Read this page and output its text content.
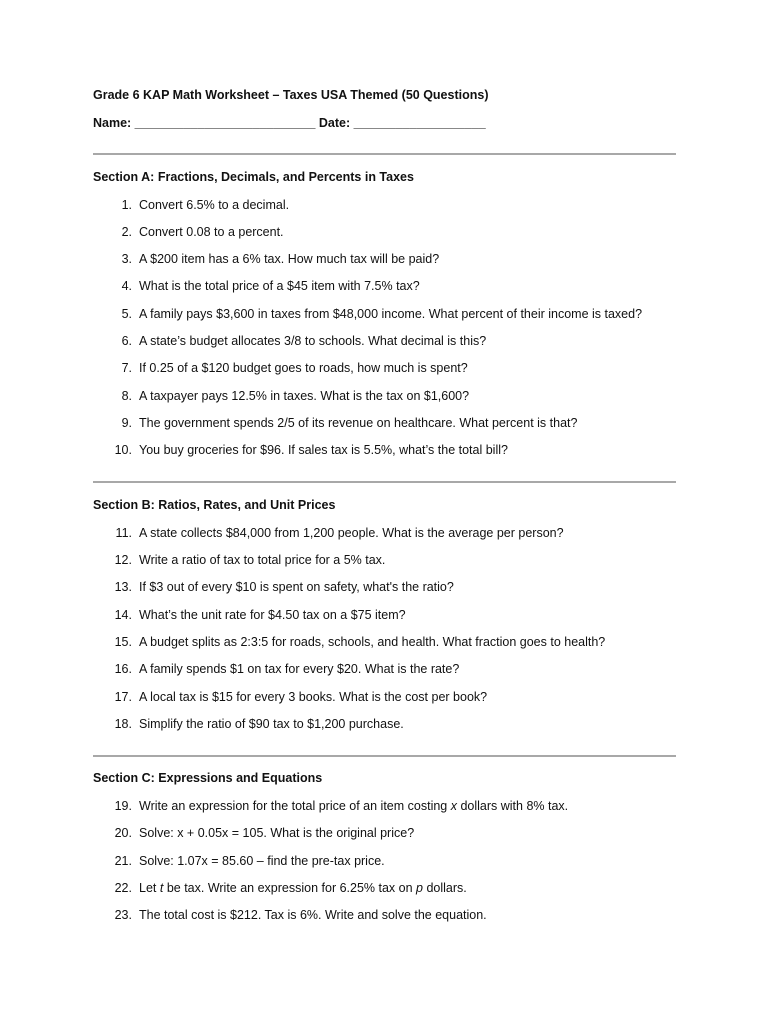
Grade 6 KAP Math Worksheet – Taxes USA Themed (50 Questions)
Name: __________________________ Date: ___________________
Section A: Fractions, Decimals, and Percents in Taxes
1. Convert 6.5% to a decimal.
2. Convert 0.08 to a percent.
3. A $200 item has a 6% tax. How much tax will be paid?
4. What is the total price of a $45 item with 7.5% tax?
5. A family pays $3,600 in taxes from $48,000 income. What percent of their income is taxed?
6. A state’s budget allocates 3/8 to schools. What decimal is this?
7. If 0.25 of a $120 budget goes to roads, how much is spent?
8. A taxpayer pays 12.5% in taxes. What is the tax on $1,600?
9. The government spends 2/5 of its revenue on healthcare. What percent is that?
10. You buy groceries for $96. If sales tax is 5.5%, what’s the total bill?
Section B: Ratios, Rates, and Unit Prices
11. A state collects $84,000 from 1,200 people. What is the average per person?
12. Write a ratio of tax to total price for a 5% tax.
13. If $3 out of every $10 is spent on safety, what's the ratio?
14. What’s the unit rate for $4.50 tax on a $75 item?
15. A budget splits as 2:3:5 for roads, schools, and health. What fraction goes to health?
16. A family spends $1 on tax for every $20. What is the rate?
17. A local tax is $15 for every 3 books. What is the cost per book?
18. Simplify the ratio of $90 tax to $1,200 purchase.
Section C: Expressions and Equations
19. Write an expression for the total price of an item costing x dollars with 8% tax.
20. Solve: x + 0.05x = 105. What is the original price?
21. Solve: 1.07x = 85.60 – find the pre-tax price.
22. Let t be tax. Write an expression for 6.25% tax on p dollars.
23. The total cost is $212. Tax is 6%. Write and solve the equation.
